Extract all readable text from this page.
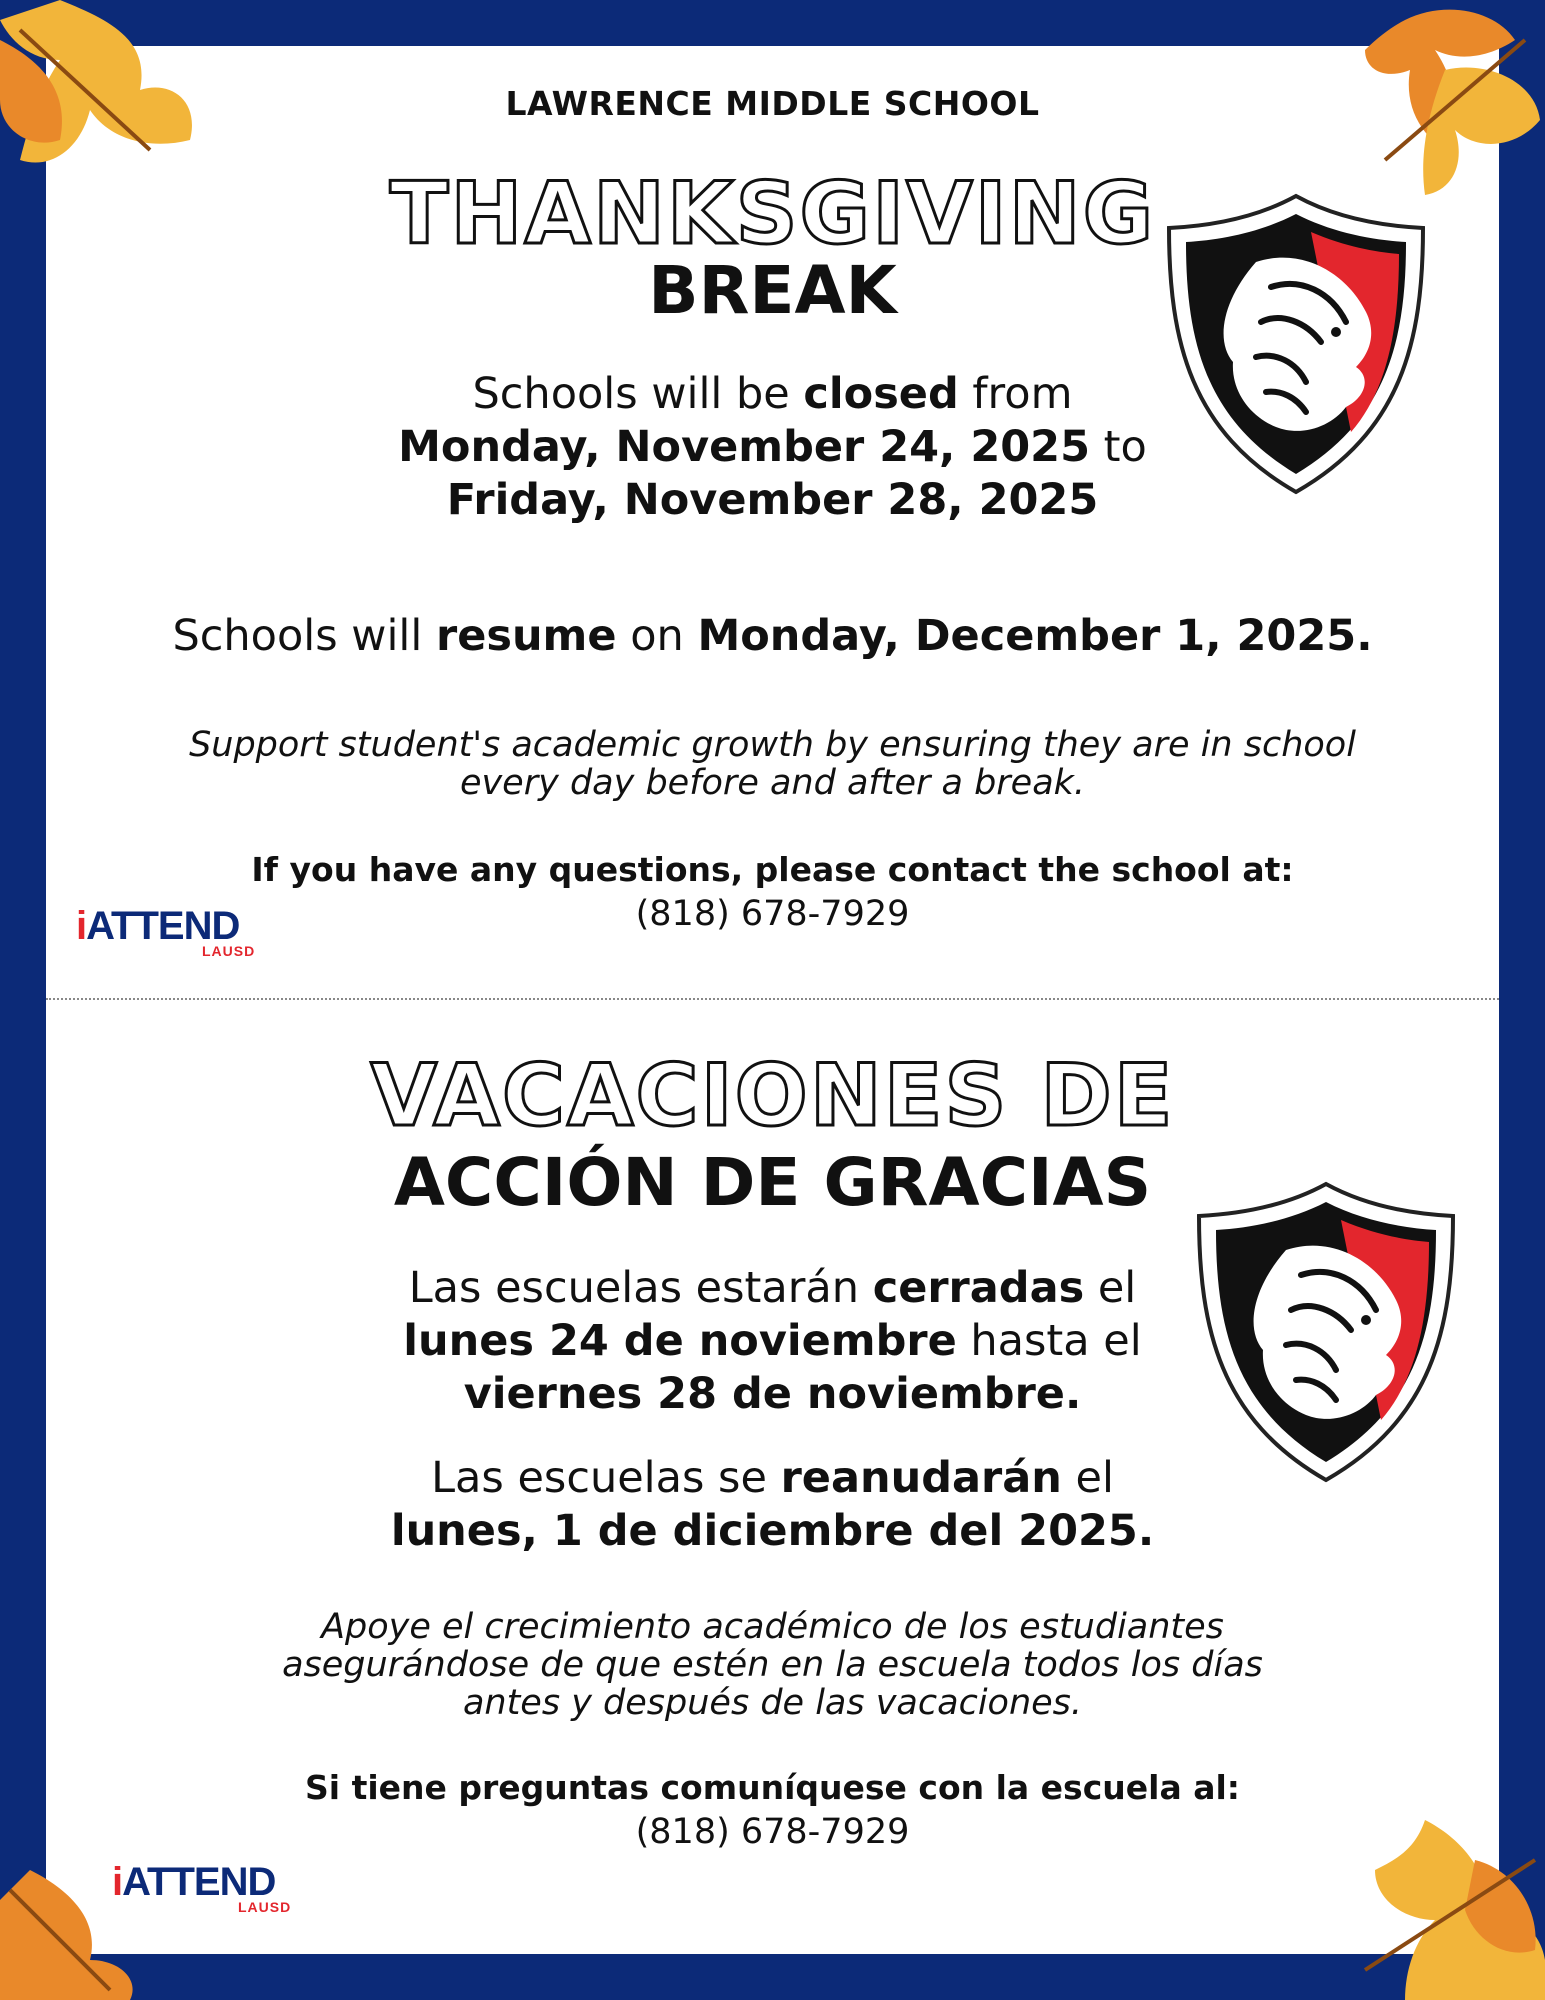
LAWRENCE MIDDLE SCHOOL
THANKSGIVING
BREAK
Schools will be closed from
Monday, November 24, 2025 to
Friday, November 28, 2025
Schools will resume on Monday, December 1, 2025.
Support student's academic growth by ensuring they are in school
every day before and after a break.
If you have any questions, please contact the school at:
(818) 678-7929
iATTEND
LAUSD
VACACIONES DE
ACCIÓN DE GRACIAS
Las escuelas estarán cerradas el
lunes 24 de noviembre hasta el
viernes 28 de noviembre.
Las escuelas se reanudarán el
lunes, 1 de diciembre del 2025.
Apoye el crecimiento académico de los estudiantes
asegurándose de que estén en la escuela todos los días
antes y después de las vacaciones.
Si tiene preguntas comuníquese con la escuela al:
(818) 678-7929
iATTEND
LAUSD
